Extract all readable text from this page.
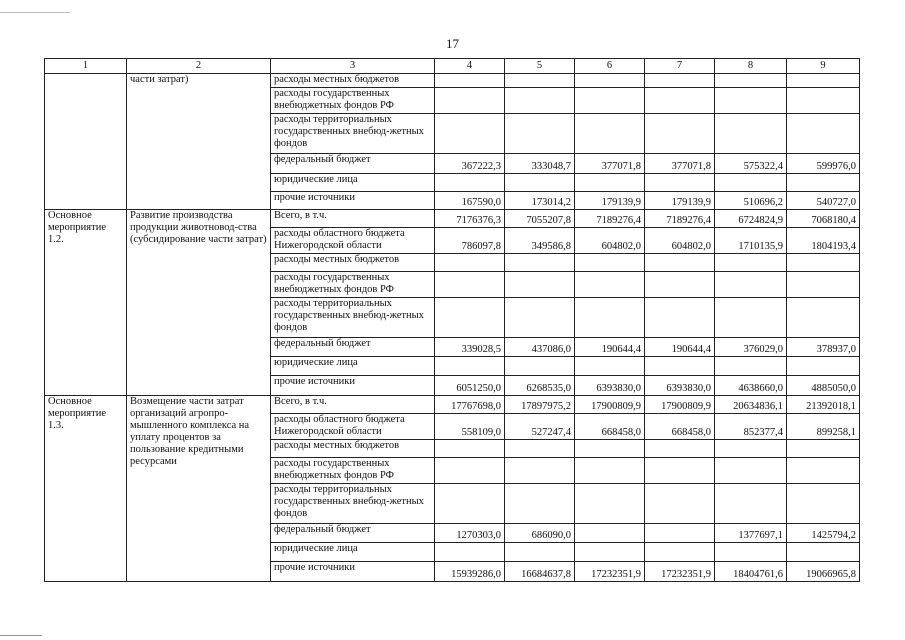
17
1	2	3	4	5	6	7	8	9
	части затрат)	расходы местных бюджетов						
		расходы государственных внебюджетных фондов РФ						
		расходы территориальных государственных внебюд-жетных фондов						
		федеральный бюджет	367222,3	333048,7	377071,8	377071,8	575322,4	599976,0
		юридические лица						
		прочие источники	167590,0	173014,2	179139,9	179139,9	510696,2	540727,0
Основное мероприятие 1.2.	Развитие производства продукции животновод-ства (субсидирование части затрат)	Всего, в т.ч.	7176376,3	7055207,8	7189276,4	7189276,4	6724824,9	7068180,4
		расходы областного бюджета Нижегородской области	786097,8	349586,8	604802,0	604802,0	1710135,9	1804193,4
		расходы местных бюджетов						
		расходы государственных внебюджетных фондов РФ						
		расходы территориальных государственных внебюд-жетных фондов						
		федеральный бюджет	339028,5	437086,0	190644,4	190644,4	376029,0	378937,0
		юридические лица						
		прочие источники	6051250,0	6268535,0	6393830,0	6393830,0	4638660,0	4885050,0
Основное мероприятие 1.3.	Возмещение части затрат организаций агропро-мышленного комплекса на уплату процентов за пользование кредитными ресурсами	Всего, в т.ч.	17767698,0	17897975,2	17900809,9	17900809,9	20634836,1	21392018,1
		расходы областного бюджета Нижегородской области	558109,0	527247,4	668458,0	668458,0	852377,4	899258,1
		расходы местных бюджетов						
		расходы государственных внебюджетных фондов РФ						
		расходы территориальных государственных внебюд-жетных фондов						
		федеральный бюджет	1270303,0	686090,0			1377697,1	1425794,2
		юридические лица						
		прочие источники	15939286,0	16684637,8	17232351,9	17232351,9	18404761,6	19066965,8
